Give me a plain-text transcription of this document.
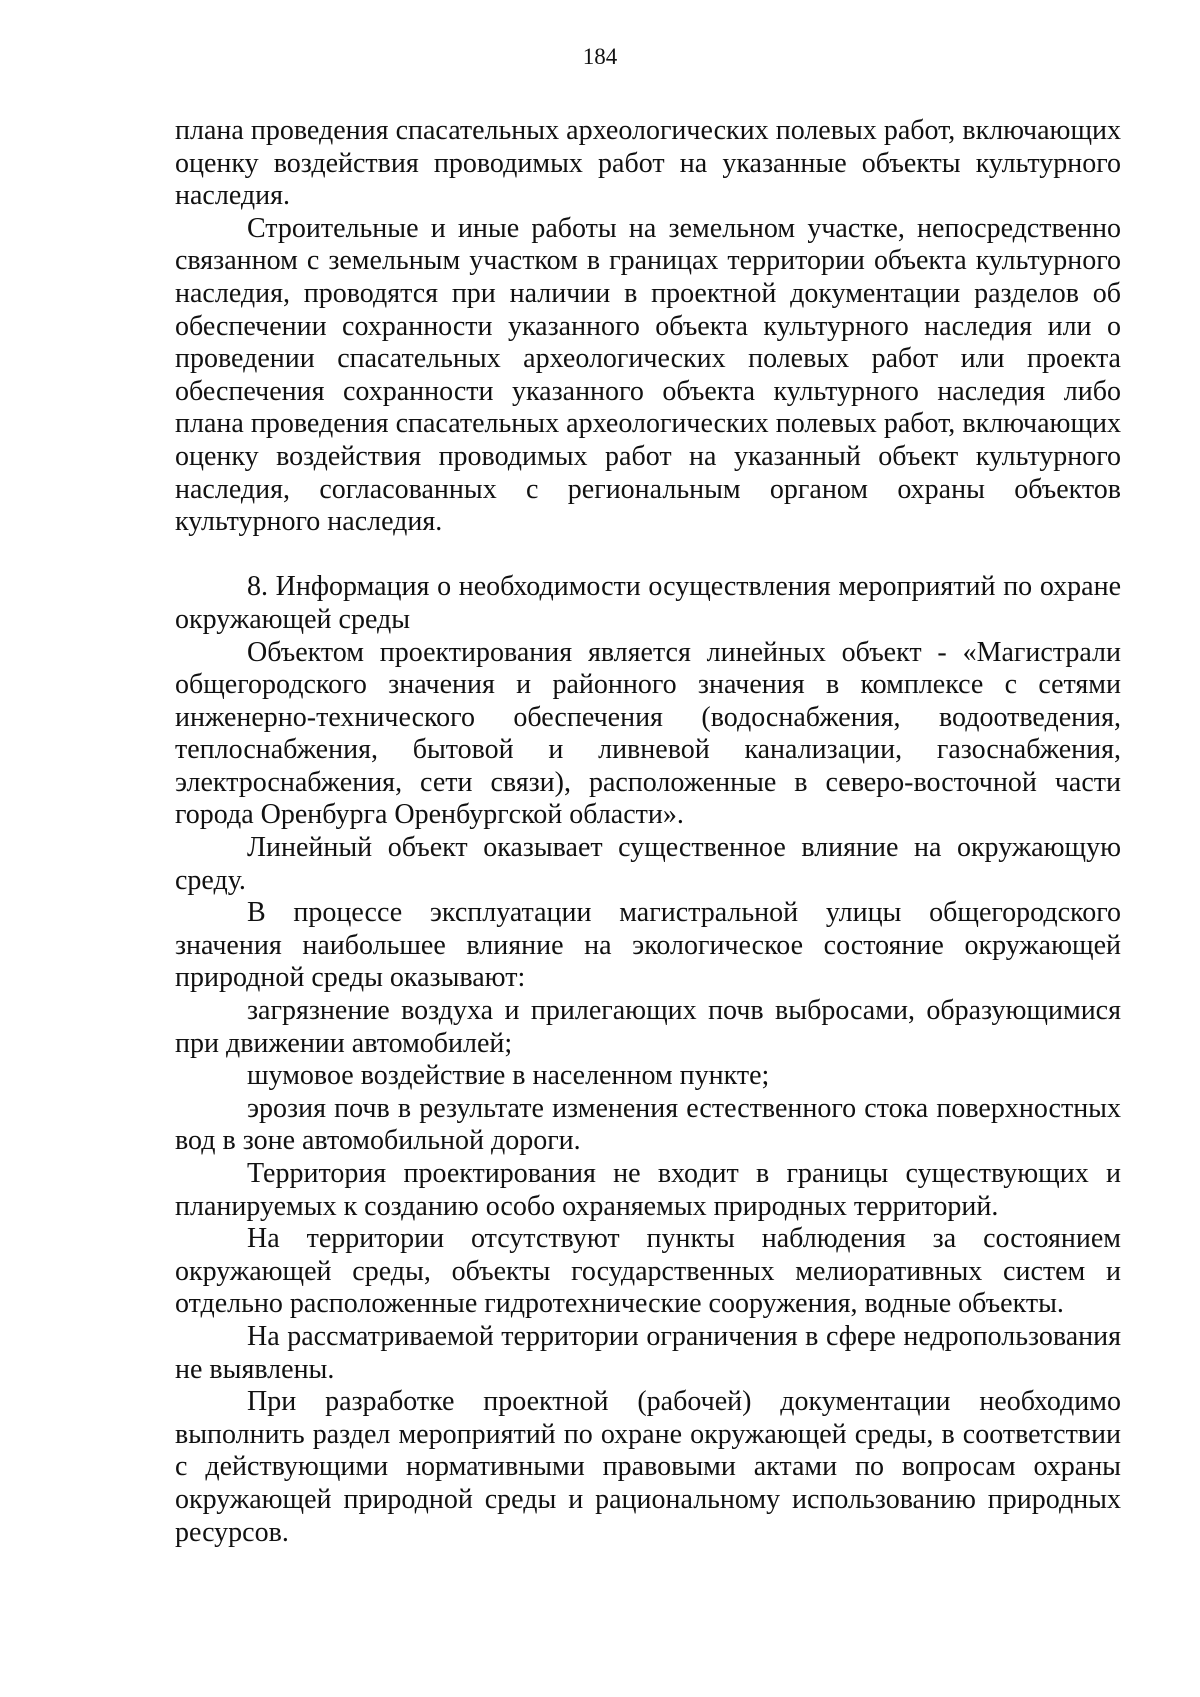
184

плана проведения спасательных археологических полевых работ, включающих оценку воздействия проводимых работ на указанные объекты культурного наследия.

Строительные и иные работы на земельном участке, непосредственно связанном с земельным участком в границах территории объекта культурного наследия, проводятся при наличии в проектной документации разделов об обеспечении сохранности указанного объекта культурного наследия или о проведении спасательных археологических полевых работ или проекта обеспечения сохранности указанного объекта культурного наследия либо плана проведения спасательных археологических полевых работ, включающих оценку воздействия проводимых работ на указанный объект культурного наследия, согласованных с региональным органом охраны объектов культурного наследия.

8. Информация о необходимости осуществления мероприятий по охране окружающей среды

Объектом проектирования является линейных объект - «Магистрали общегородского значения и районного значения в комплексе с сетями инженерно-технического обеспечения (водоснабжения, водоотведения, теплоснабжения, бытовой и ливневой канализации, газоснабжения, электроснабжения, сети связи), расположенные в северо-восточной части города Оренбурга Оренбургской области».

Линейный объект оказывает существенное влияние на окружающую среду.

В процессе эксплуатации магистральной улицы общегородского значения наибольшее влияние на экологическое состояние окружающей природной среды оказывают:

загрязнение воздуха и прилегающих почв выбросами, образующимися при движении автомобилей;

шумовое воздействие в населенном пункте;

эрозия почв в результате изменения естественного стока поверхностных вод в зоне автомобильной дороги.

Территория проектирования не входит в границы существующих и планируемых к созданию особо охраняемых природных территорий.

На территории отсутствуют пункты наблюдения за состоянием окружающей среды, объекты государственных мелиоративных систем и отдельно расположенные гидротехнические сооружения, водные объекты.

На рассматриваемой территории ограничения в сфере недропользования не выявлены.

При разработке проектной (рабочей) документации необходимо выполнить раздел мероприятий по охране окружающей среды, в соответствии с действующими нормативными правовыми актами по вопросам охраны окружающей природной среды и рациональному использованию природных ресурсов.
